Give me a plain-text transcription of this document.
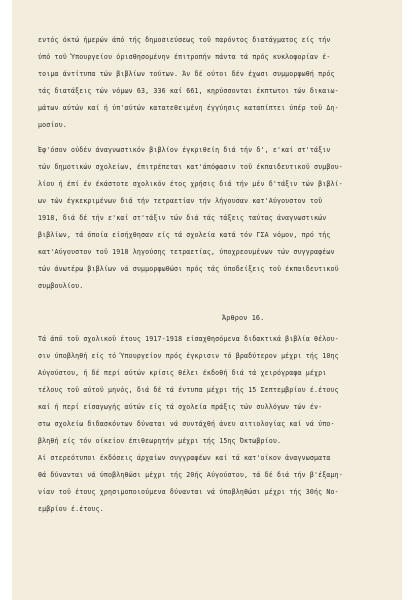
εντός όκτώ ήμερών άπό τής δημοσιεύσεως τοϋ παρόντος διατάγματος είς τήν
ύπό τοϋ Ύπουργείου όρισθησομένην έπιτροπήν πάντα τά πρός κυκλοφορίαν έ-
τοιμα άντίτυπα τών βιβλίων τούτων. Άν δέ ούτοι δέν έχωσι συμμορφωθή πρός
τάς διατάξεις τών νόμων 63, 336 καί 661, κηρύσσονται έκπτωτοι τών δικαιω-
μάτων αύτών καί ή ύπ'αύτών κατατεθειμένη έγγύησις καταπίπτει ύπέρ τοϋ Δη-
μοσίου.
Έφ'όσον ούδέν άναγνωστικόν βιβλίον έγκριθείη διά τήν δ', ε'καί στ'τάξιν
τών δημοτικών σχολείων, έπιτρέπεται κατ'άπόφασιν τοϋ έκπαιδευτικοϋ συμβου-
λίου ή έπί έν έκάστοτε σχολικόν έτος χρήσις διά τήν μέν δ'τάξιν τών βιβλί-
ων τών έγκεκριμένων διά τήν τετραετίαν τήν λήγουσαν κατ'Αύγουστον τοϋ
1918, διά δέ τήν ε'καί στ'τάξιν τών διά τάς τάξεις ταύτας άναγνωστικών
βιβλίων, τά όποία είσήχθησαν είς τά σχολεία κατά τόν ΓΣΑ νόμον, πρό τής
κατ'Αύγουστον τοϋ 1918 ληγούσης τετραετίας, ύποχρεουμένων τών συγγραφέων
τών άνωτέρω βιβλίων νά συμμορφωθώσι πρός τάς ύποδείξεις τοϋ έκπαιδευτικοϋ
συμβουλίου.
Άρθρον 16.
Τά άπό τοϋ σχολικοϋ έτους 1917-1918 είσαχθησόμενα διδακτικά βιβλία θέλου-
σιν ύποβληθή είς τό Ύπουργείον πρός έγκρισιν τό βραδύτερον μέχρι τής 10ης
Αύγούστου, ή δέ περί αύτών κρίσις θέλει έκδοθή διά τά χειρόγραφα μέχρι
τέλους τοϋ αύτοϋ μηνός, διά δέ τά έντυπα μέχρι τής 15 Σεπτεμβρίου έ.έτους
καί ή περί είσαγωγής αύτών είς τά σχολεία πράξις τών συλλόγων τών έν-
στω σχολείω διδασκόντων δύναται νά συντάχθή άνευ αιτιολογίας καί νά ύπο-
βληθή είς τόν οίκείον έπιθεωρητήν μέχρι τής 15ης Όκτωβρίου.
Αί στερεότυποι έκδόσεις άρχαίων συγγραφέων καί τά κατ'οίκον άναγνωσματα
θά δύνανται νά ύποβληθώσι μέχρι τής 20ής Αύγούστου, τά δέ διά τήν β'έξαμη-
νίαν τοϋ έτους χρησιμοποιούμενα δύνανται νά ύποβληθώσι μέχρι τής 30ής Νο-
εμβρίου έ.έτους.
